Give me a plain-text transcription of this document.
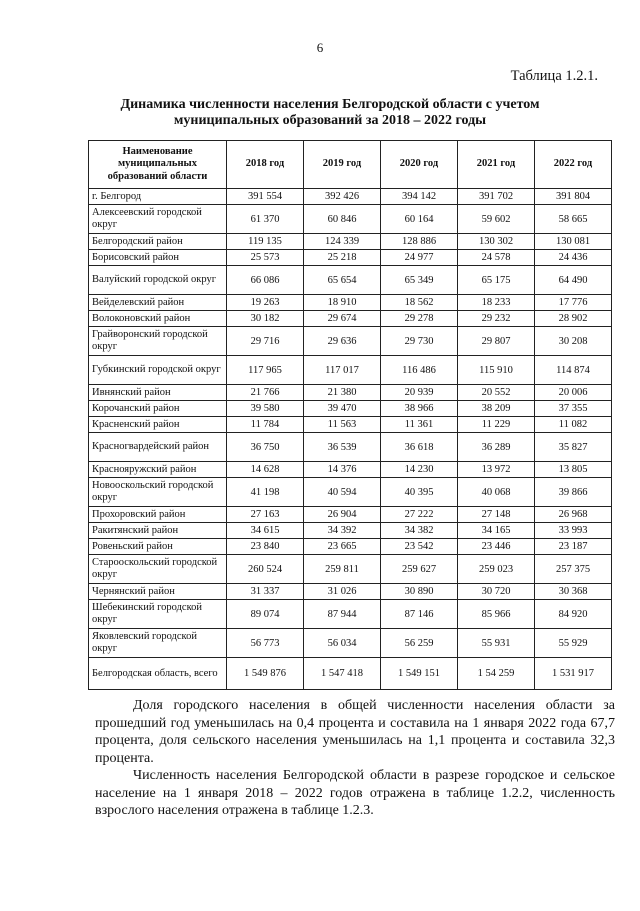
6
Таблица 1.2.1.
Динамика численности населения Белгородской области с учетом
муниципальных образований за 2018 – 2022 годы
Наименование муниципальных образований области	2018 год	2019 год	2020 год	2021 год	2022 год
г. Белгород	391 554	392 426	394 142	391 702	391 804
Алексеевский городской округ	61 370	60 846	60 164	59 602	58 665
Белгородский район	119 135	124 339	128 886	130 302	130 081
Борисовский район	25 573	25 218	24 977	24 578	24 436
Валуйский городской округ	66 086	65 654	65 349	65 175	64 490
Вейделевский район	19 263	18 910	18 562	18 233	17 776
Волоконовский район	30 182	29 674	29 278	29 232	28 902
Грайворонский городской округ	29 716	29 636	29 730	29 807	30 208
Губкинский городской округ	117 965	117 017	116 486	115 910	114 874
Ивнянский район	21 766	21 380	20 939	20 552	20 006
Корочанский район	39 580	39 470	38 966	38 209	37 355
Красненский район	11 784	11 563	11 361	11 229	11 082
Красногвардейский район	36 750	36 539	36 618	36 289	35 827
Краснояружский район	14 628	14 376	14 230	13 972	13 805
Новооскольский городской округ	41 198	40 594	40 395	40 068	39 866
Прохоровский район	27 163	26 904	27 222	27 148	26 968
Ракитянский район	34 615	34 392	34 382	34 165	33 993
Ровеньский район	23 840	23 665	23 542	23 446	23 187
Старооскольский городской округ	260 524	259 811	259 627	259 023	257 375
Чернянский район	31 337	31 026	30 890	30 720	30 368
Шебекинский городской округ	89 074	87 944	87 146	85 966	84 920
Яковлевский городской округ	56 773	56 034	56 259	55 931	55 929
Белгородская область, всего	1 549 876	1 547 418	1 549 151	1 54 259	1 531 917
Доля городского населения в общей численности населения области за прошедший год уменьшилась на 0,4 процента и составила на 1 января 2022 года 67,7 процента, доля сельского населения уменьшилась на 1,1 процента и составила 32,3 процента.
Численность населения Белгородской области в разрезе городское и сельское население на 1 января 2018 – 2022 годов отражена в таблице 1.2.2, численность взрослого населения отражена в таблице 1.2.3.
